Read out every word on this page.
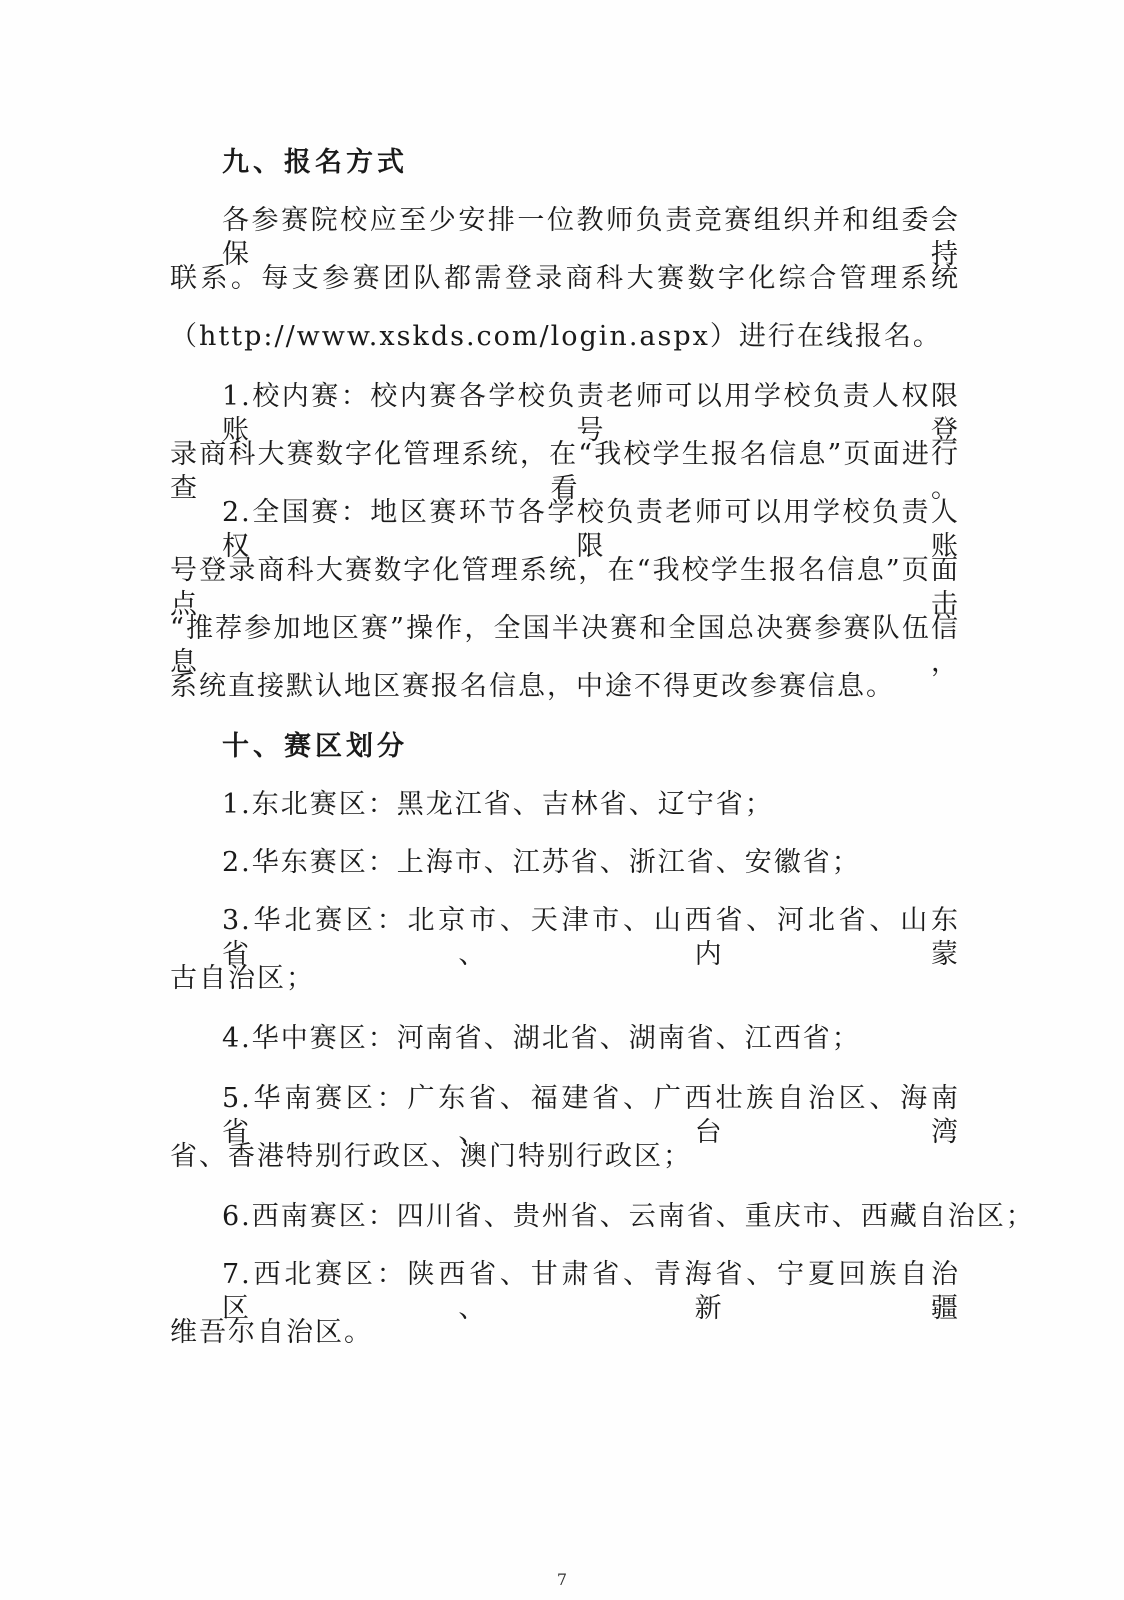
九、报名方式
各参赛院校应至少安排一位教师负责竞赛组织并和组委会保持
联系。每支参赛团队都需登录商科大赛数字化综合管理系统
（http://www.xskds.com/login.aspx）进行在线报名。
1.校内赛：校内赛各学校负责老师可以用学校负责人权限账号登
录商科大赛数字化管理系统，在“我校学生报名信息”页面进行查看。
2.全国赛：地区赛环节各学校负责老师可以用学校负责人权限账
号登录商科大赛数字化管理系统，在“我校学生报名信息”页面点击
“推荐参加地区赛”操作，全国半决赛和全国总决赛参赛队伍信息，
系统直接默认地区赛报名信息，中途不得更改参赛信息。
十、赛区划分
1.东北赛区：黑龙江省、吉林省、辽宁省；
2.华东赛区：上海市、江苏省、浙江省、安徽省；
3.华北赛区：北京市、天津市、山西省、河北省、山东省、内蒙
古自治区；
4.华中赛区：河南省、湖北省、湖南省、江西省；
5.华南赛区：广东省、福建省、广西壮族自治区、海南省、台湾
省、香港特别行政区、澳门特别行政区；
6.西南赛区：四川省、贵州省、云南省、重庆市、西藏自治区；
7.西北赛区：陕西省、甘肃省、青海省、宁夏回族自治区、新疆
维吾尔自治区。
7
